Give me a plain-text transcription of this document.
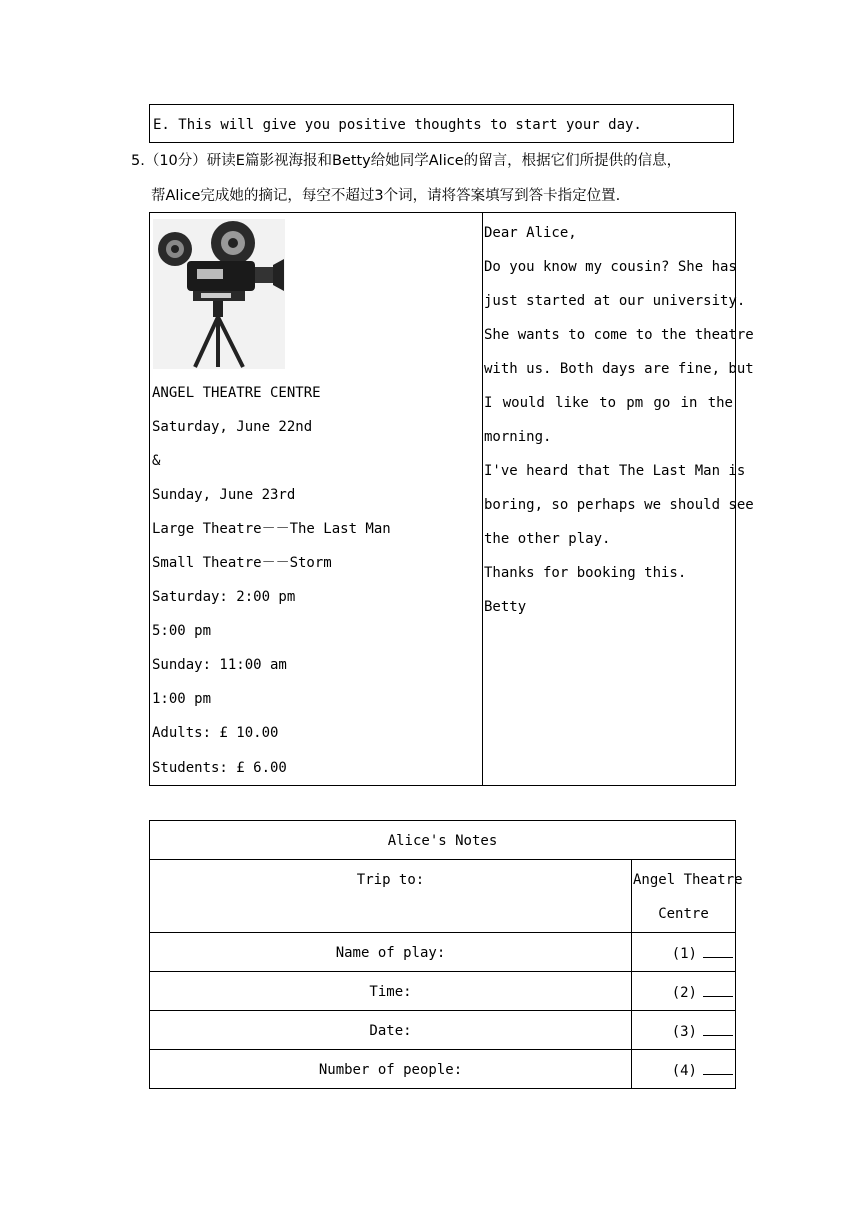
E. This will give you positive thoughts to start your day.
5.（10分）研读E篇影视海报和Betty给她同学Alice的留言，根据它们所提供的信息，
帮Alice完成她的摘记，每空不超过3个词，请将答案填写到答卡指定位置.
ANGEL THEATRE CENTRE
Saturday, June 22nd
&
Sunday, June 23rd
Large Theatre－－The Last Man
Small Theatre－－Storm
Saturday: 2:00 pm
5:00 pm
Sunday: 11:00 am
1:00 pm
Adults: £ 10.00
Students: £ 6.00
Dear Alice,
Do you know my cousin? She has
just started at our university.
She wants to come to the theatre
with us. Both days are fine, but
I would like to pm go in the
morning.
I've heard that The Last Man is
boring, so perhaps we should see
the other play.
Thanks for booking this.
Betty
Alice's Notes
Trip to:	Angel Theatre
Centre
Name of play:	(1)
Time:	(2)
Date:	(3)
Number of people:	(4)
